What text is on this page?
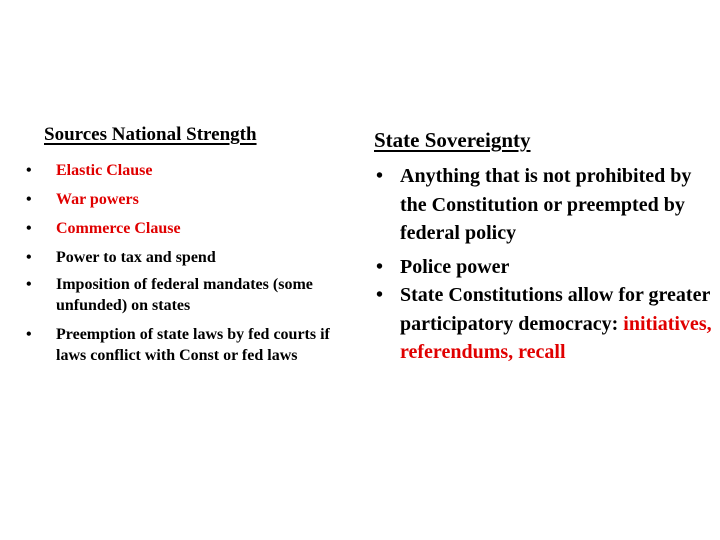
Sources National Strength
• Elastic Clause
• War powers
• Commerce Clause
• Power to tax and spend
• Imposition of federal mandates (some unfunded) on states
• Preemption of state laws by fed courts if laws conflict with Const or fed laws
State Sovereignty
• Anything that is not prohibited by the Constitution or preempted by federal policy
• Police power
• State Constitutions allow for greater participatory democracy: initiatives, referendums, recall
